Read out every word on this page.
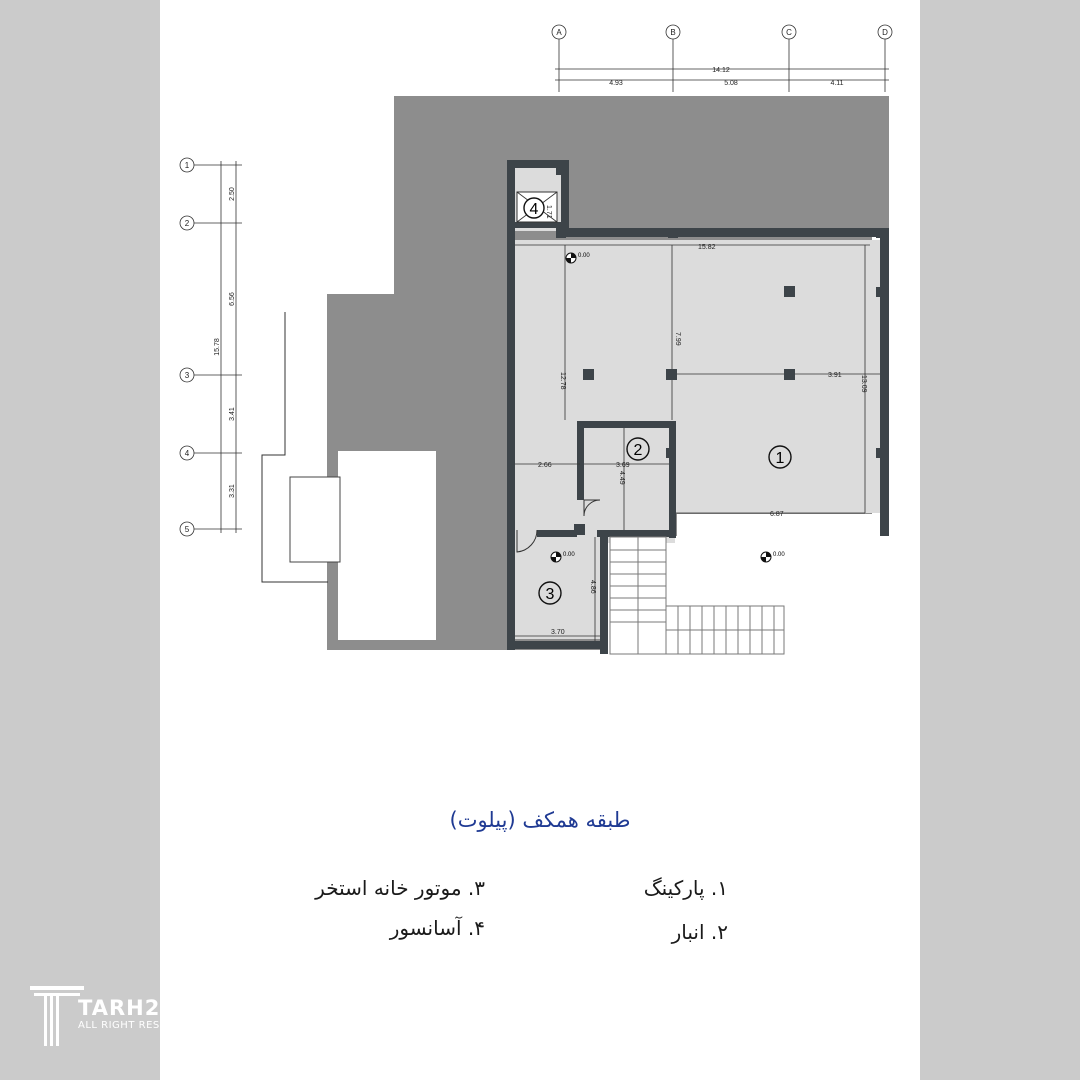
4
0.00
0.00	0.00
1
2
3
15.82
7.99
12.78	3.91	13.09
2.66	3.69
4.49
6.87
4.86
3.70
1.71
A	B	C	D
14.12
4.93	5.08	4.11
1
2
3
4
5
15.78
2.50
6.56
3.41
3.31
طبقه همکف (پیلوت)
۱. پارکینگ
۲. انبار
۳. موتور خانه استخر
۴. آسانسور
TARH2TARH
ALL RIGHT RESERVED
©
